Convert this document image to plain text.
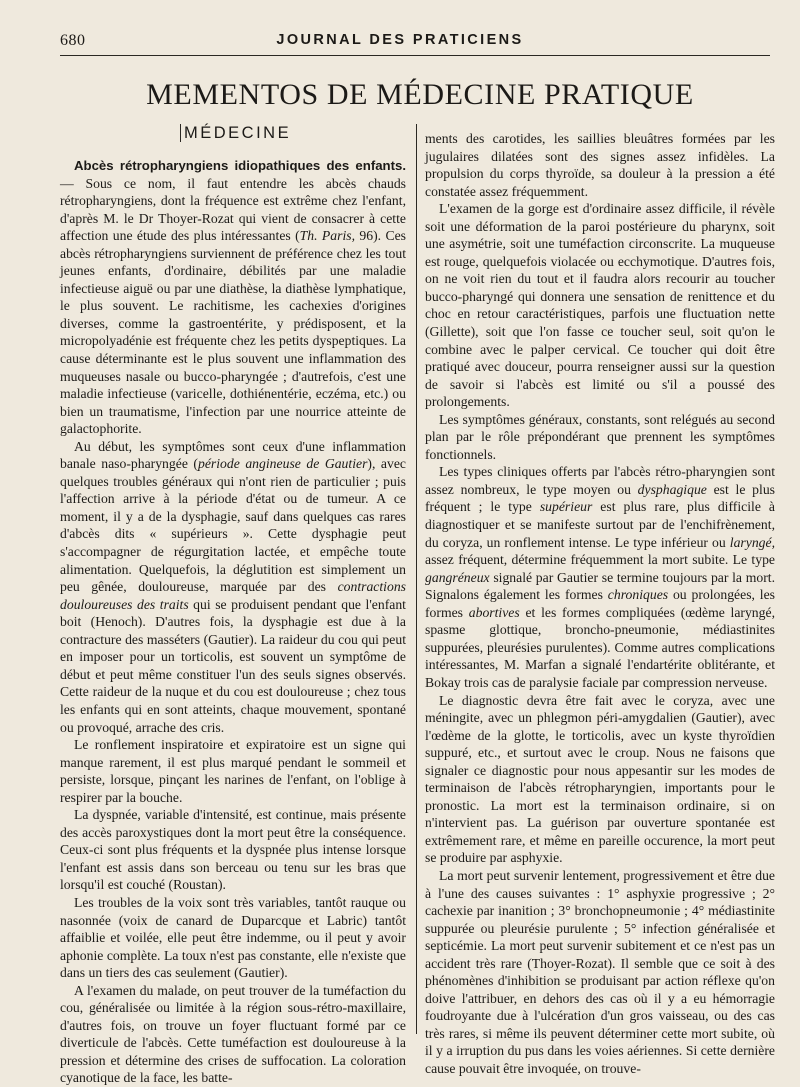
680	JOURNAL DES PRATICIENS
MEMENTOS DE MÉDECINE PRATIQUE
MÉDECINE

Abcès rétropharyngiens idiopathiques des enfants. — Sous ce nom, il faut entendre les abcès chauds rétropharyngiens, dont la fréquence est extrême chez l'enfant, d'après M. le Dr Thoyer-Rozat qui vient de consacrer à cette affection une étude des plus intéressantes (Th. Paris, 96). Ces abcès rétropharyngiens surviennent de préférence chez les tout jeunes enfants, d'ordinaire, débilités par une maladie infectieuse aiguë ou par une diathèse, la diathèse lymphatique, le plus souvent. Le rachitisme, les cachexies d'origines diverses, comme la gastroentérite, y prédisposent, et la micropolyadénie est fréquente chez les petits dyspeptiques. La cause déterminante est le plus souvent une inflammation des muqueuses nasale ou bucco-pharyngée ; d'autrefois, c'est une maladie infectieuse (varicelle, dothiénentérie, eczéma, etc.) ou bien un traumatisme, l'infection par une nourrice atteinte de galactophorite.

Au début, les symptômes sont ceux d'une inflammation banale naso-pharyngée (période angineuse de Gautier), avec quelques troubles généraux qui n'ont rien de particulier ; puis l'affection arrive à la période d'état ou de tumeur. A ce moment, il y a de la dysphagie, sauf dans quelques cas rares d'abcès dits « supérieurs ». Cette dysphagie peut s'accompagner de régurgitation lactée, et empêche toute alimentation. Quelquefois, la déglutition est simplement un peu gênée, douloureuse, marquée par des contractions douloureuses des traits qui se produisent pendant que l'enfant boit (Henoch). D'autres fois, la dysphagie est due à la contracture des masséters (Gautier). La raideur du cou qui peut en imposer pour un torticolis, est souvent un symptôme de début et peut même constituer l'un des seuls signes observés. Cette raideur de la nuque et du cou est douloureuse ; chez tous les enfants qui en sont atteints, chaque mouvement, spontané ou provoqué, arrache des cris.

Le ronflement inspiratoire et expiratoire est un signe qui manque rarement, il est plus marqué pendant le sommeil et persiste, lorsque, pinçant les narines de l'enfant, on l'oblige à respirer par la bouche.

La dyspnée, variable d'intensité, est continue, mais présente des accès paroxystiques dont la mort peut être la conséquence. Ceux-ci sont plus fréquents et la dyspnée plus intense lorsque l'enfant est assis dans son berceau ou tenu sur les bras que lorsqu'il est couché (Roustan).

Les troubles de la voix sont très variables, tantôt rauque ou nasonnée (voix de canard de Duparcque et Labric) tantôt affaiblie et voilée, elle peut être indemme, ou il peut y avoir aphonie complète. La toux n'est pas constante, elle n'existe que dans un tiers des cas seulement (Gautier).

A l'examen du malade, on peut trouver de la tuméfaction du cou, généralisée ou limitée à la région sous-rétro-maxillaire, d'autres fois, on trouve un foyer fluctuant formé par ce diverticule de l'abcès. Cette tuméfaction est douloureuse à la pression et détermine des crises de suffocation. La coloration cyanotique de la face, les batte-

ments des carotides, les saillies bleuâtres formées par les jugulaires dilatées sont des signes assez infidèles. La propulsion du corps thyroïde, sa douleur à la pression a été constatée assez fréquemment.

L'examen de la gorge est d'ordinaire assez difficile, il révèle soit une déformation de la paroi postérieure du pharynx, soit une asymétrie, soit une tuméfaction circonscrite. La muqueuse est rouge, quelquefois violacée ou ecchymotique. D'autres fois, on ne voit rien du tout et il faudra alors recourir au toucher bucco-pharyngé qui donnera une sensation de renittence et du choc en retour caractéristiques, parfois une fluctuation nette (Gillette), soit que l'on fasse ce toucher seul, soit qu'on le combine avec le palper cervical. Ce toucher qui doit être pratiqué avec douceur, pourra renseigner aussi sur la question de savoir si l'abcès est limité ou s'il a poussé des prolongements.

Les symptômes généraux, constants, sont relégués au second plan par le rôle prépondérant que prennent les symptômes fonctionnels.

Les types cliniques offerts par l'abcès rétro-pharyngien sont assez nombreux, le type moyen ou dysphagique est le plus fréquent ; le type supérieur est plus rare, plus difficile à diagnostiquer et se manifeste surtout par de l'enchifrènement, du coryza, un ronflement intense. Le type inférieur ou laryngé, assez fréquent, détermine fréquemment la mort subite. Le type gangréneux signalé par Gautier se termine toujours par la mort. Signalons également les formes chroniques ou prolongées, les formes abortives et les formes compliquées (œdème laryngé, spasme glottique, broncho-pneumonie, médiastinites suppurées, pleurésies purulentes). Comme autres complications intéressantes, M. Marfan a signalé l'endartérite oblitérante, et Bokay trois cas de paralysie faciale par compression nerveuse.

Le diagnostic devra être fait avec le coryza, avec une méningite, avec un phlegmon péri-amygdalien (Gautier), avec l'œdème de la glotte, le torticolis, avec un kyste thyroïdien suppuré, etc., et surtout avec le croup. Nous ne faisons que signaler ce diagnostic pour nous appesantir sur les modes de terminaison de l'abcès rétropharyngien, importants pour le pronostic. La mort est la terminaison ordinaire, si on n'intervient pas. La guérison par ouverture spontanée est extrêmement rare, et même en pareille occurence, la mort peut se produire par asphyxie.

La mort peut survenir lentement, progressivement et être due à l'une des causes suivantes : 1° asphyxie progressive ; 2° cachexie par inanition ; 3° bronchopneumonie ; 4° médiastinite suppurée ou pleurésie purulente ; 5° infection généralisée et septicémie. La mort peut survenir subitement et ce n'est pas un accident très rare (Thoyer-Rozat). Il semble que ce soit à des phénomènes d'inhibition se produisant par action réflexe qu'on doive l'attribuer, en dehors des cas où il y a eu hémorragie foudroyante due à l'ulcération d'un gros vaisseau, ou des cas très rares, si même ils peuvent déterminer cette mort subite, où il y a irruption du pus dans les voies aériennes. Si cette dernière cause pouvait être invoquée, on trouve-
